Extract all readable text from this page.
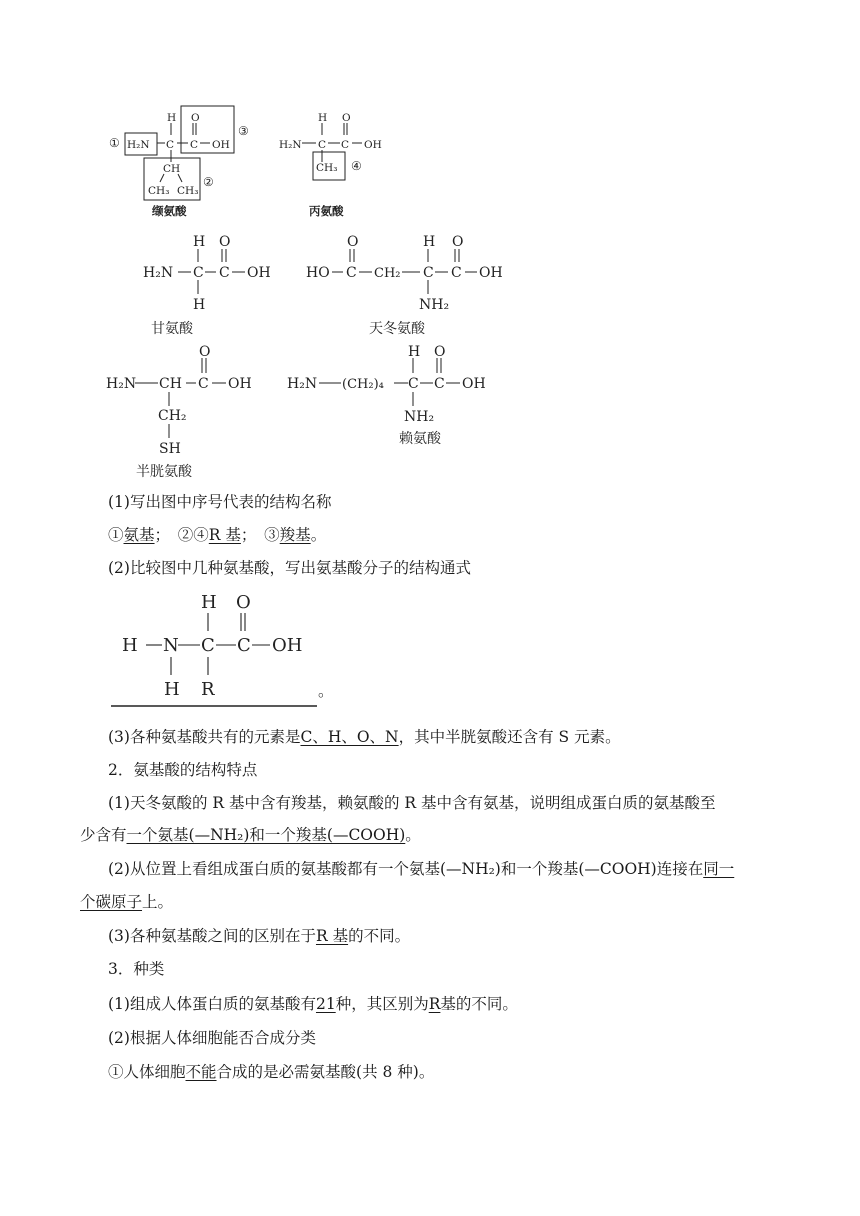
① H₂N
H
C
O
C OH
③
CH
CH₃ CH₃
②
缬氨酸
H₂N
H
C
O
C OH
CH₃ ④
丙氨酸
H₂N
H
C
H
O
C OH
甘氨酸
HO
O
C CH₂
H
C
NH₂
O
C OH
天冬氨酸
H₂N CH
O
C OH
CH₂
SH
半胱氨酸
H₂N (CH₂)₄
H
C
O
C OH
NH₂
赖氨酸
(1)写出图中序号代表的结构名称
①氨基；　②④R 基；　③羧基。
(2)比较图中几种氨基酸，写出氨基酸分子的结构通式
H N C C OH
H O
H R	。
(3)各种氨基酸共有的元素是C、H、O、N，其中半胱氨酸还含有 S 元素。
2．氨基酸的结构特点
(1)天冬氨酸的 R 基中含有羧基，赖氨酸的 R 基中含有氨基，说明组成蛋白质的氨基酸至
少含有一个氨基(—NH₂)和一个羧基(—COOH)。
(2)从位置上看组成蛋白质的氨基酸都有一个氨基(—NH₂)和一个羧基(—COOH)连接在同一
个碳原子上。
(3)各种氨基酸之间的区别在于R 基的不同。
3．种类
(1)组成人体蛋白质的氨基酸有21种，其区别为R基的不同。
(2)根据人体细胞能否合成分类
①人体细胞不能合成的是必需氨基酸(共 8 种)。
